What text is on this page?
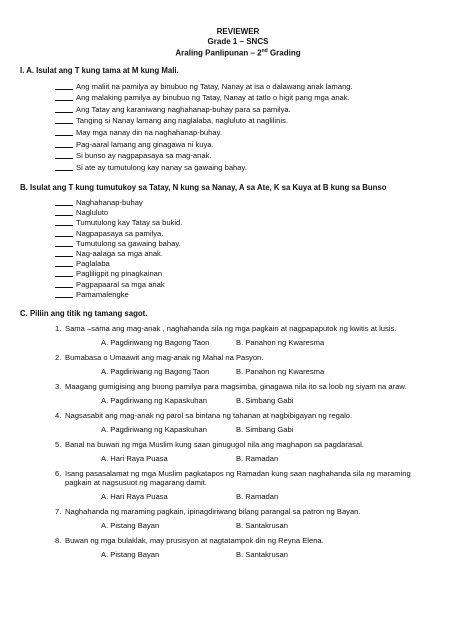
REVIEWER
Grade 1 – SNCS
Araling Panlipunan – 2nd Grading
I. A. Isulat ang T kung tama at M kung Mali.
Ang maliit na pamilya ay binubuo ng Tatay, Nanay at isa o dalawang anak lamang.
Ang malaking pamilya ay binubuo ng Tatay, Nanay at tatlo o higit pang mga anak.
Ang Tatay ang karaniwang naghahanap-buhay para sa pamilya.
Tanging si Nanay lamang ang naglalaba, nagluluto at naglilinis.
May mga nanay din na naghahanap-buhay.
Pag-aaral lamang ang ginagawa ni kuya.
Si bunso ay nagpapasaya sa mag-anak.
Si ate ay tumutulong kay nanay sa gawaing bahay.
B. Isulat ang T kung tumutukoy sa Tatay, N kung sa Nanay, A sa Ate, K sa Kuya at B kung sa Bunso
Naghahanap-buhay
Nagluluto
Tumutulong kay Tatay sa bukid.
Nagpapasaya sa pamilya.
Tumutulong sa gawaing bahay.
Nag-aalaga sa mga anak.
Paglalaba
Pagliligpit ng pinagkainan
Pagpapaaral sa mga anak
Pamamalengke
C. Piliin ang titik ng tamang sagot.
1. Sama –sama ang mag-anak , naghahanda sila ng mga pagkain at nagpapaputok ng kwitis at lusis.
A. Pagdiriwang ng Bagong Taon	B. Panahon ng Kwaresma
2. Bumabasa o Umaawit ang mag-anak ng Mahal na Pasyon.
A. Pagdiriwang ng Bagong Taon	B. Panahon ng Kwaresma
3. Maagang gumigising ang buong pamilya para magsimba, ginagawa nila ito sa loob ng siyam na araw.
A. Pagdiriwang ng Kapaskuhan	B. Simbang Gabi
4. Nagsasabit ang mag-anak ng parol sa bintana ng tahanan at nagbibigayan ng regalo.
A. Pagdiriwang ng Kapaskuhan	B. Simbang Gabi
5. Banal na buwan ng mga Muslim kung saan ginugugol nila ang maghapon sa pagdarasal.
A. Hari Raya Puasa	B. Ramadan
6. Isang pasasalamat ng mga Muslim pagkatapos ng Ramadan kung saan naghahanda sila ng maraming pagkain at nagsusuot ng magarang damit.
A. Hari Raya Puasa	B. Ramadan
7. Naghahanda ng maraming pagkain, ipinagdiriwang bilang parangal sa patron ng Bayan.
A. Pistang Bayan	B. Santakrusan
8. Buwan ng mga bulaklak, may prusisyon at nagtatampok din ng Reyna Elena.
A. Pistang Bayan	B. Santakrusan
